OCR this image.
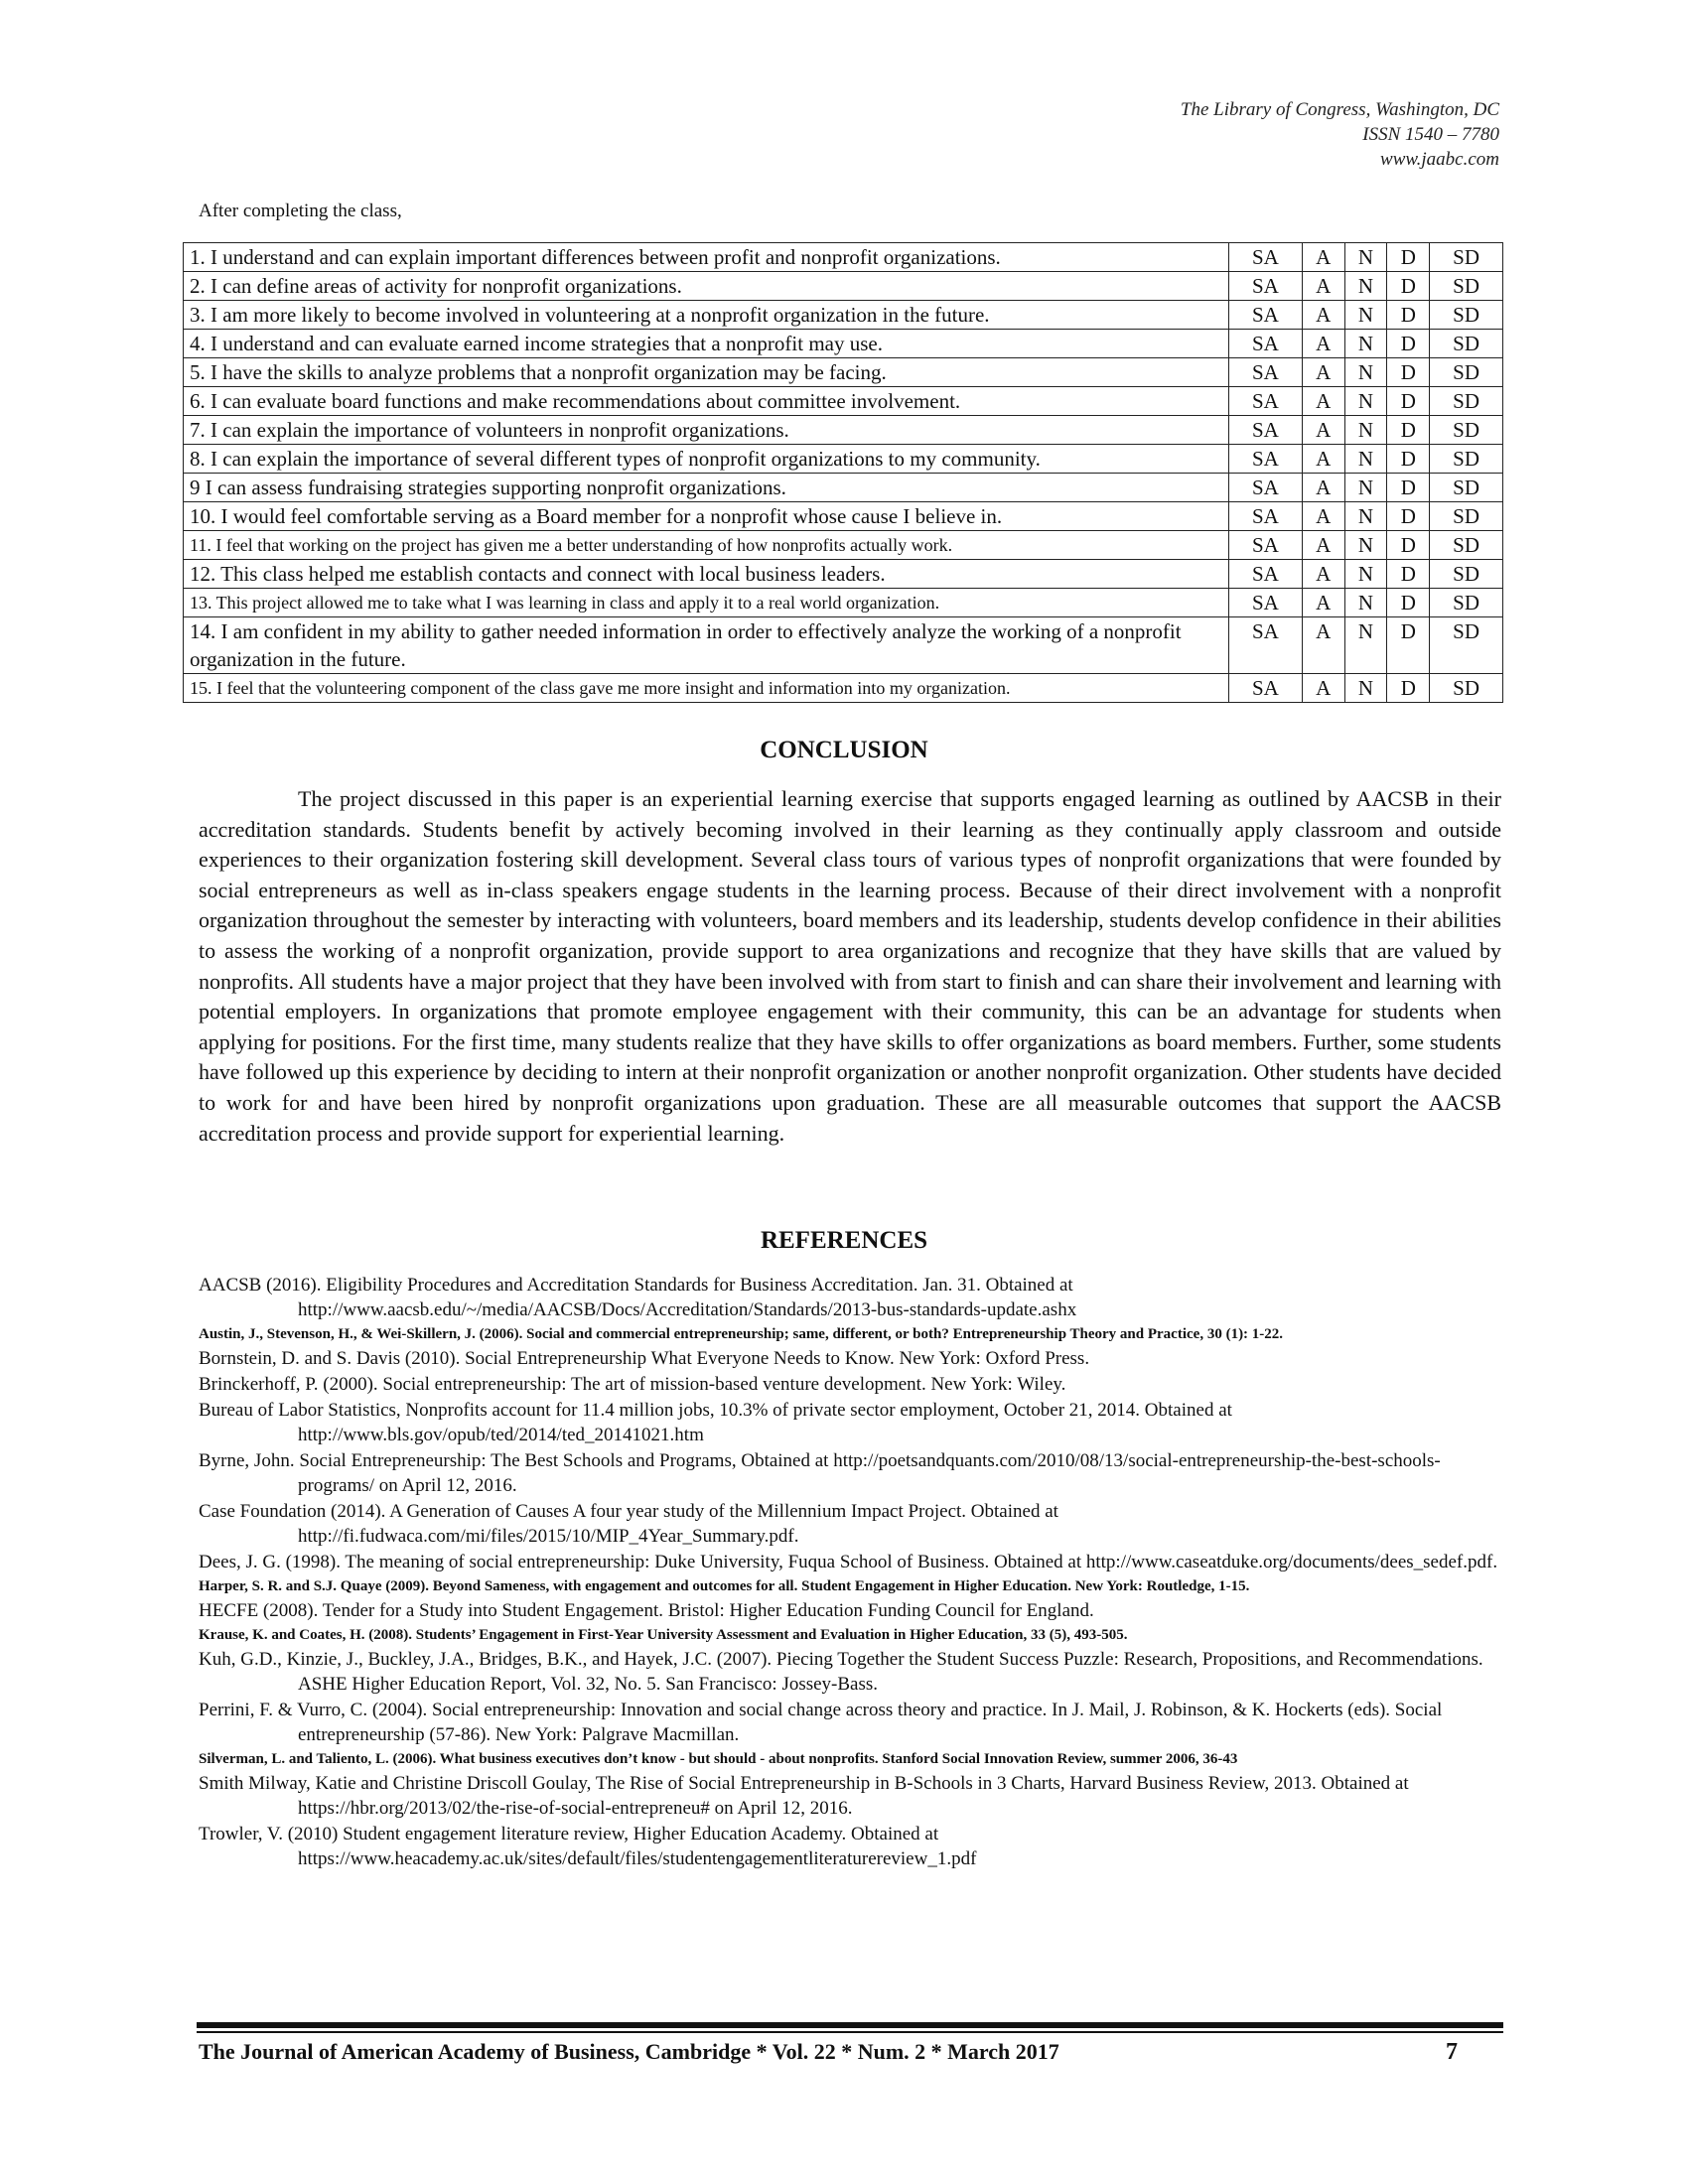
The Library of Congress, Washington, DC
ISSN 1540 – 7780
www.jaabc.com
After completing the class,
1. I understand and can explain important differences between profit and nonprofit organizations.	SA	A	N	D	SD
2. I can define areas of activity for nonprofit organizations.	SA	A	N	D	SD
3. I am more likely to become involved in volunteering at a nonprofit organization in the future.	SA	A	N	D	SD
4. I understand and can evaluate earned income strategies that a nonprofit may use.	SA	A	N	D	SD
5. I have the skills to analyze problems that a nonprofit organization may be facing.	SA	A	N	D	SD
6. I can evaluate board functions and make recommendations about committee involvement.	SA	A	N	D	SD
7. I can explain the importance of volunteers in nonprofit organizations.	SA	A	N	D	SD
8. I can explain the importance of several different types of nonprofit organizations to my community.	SA	A	N	D	SD
9 I can assess fundraising strategies supporting nonprofit organizations.	SA	A	N	D	SD
10. I would feel comfortable serving as a Board member for a nonprofit whose cause I believe in.	SA	A	N	D	SD
11. I feel that working on the project has given me a better understanding of how nonprofits actually work.	SA	A	N	D	SD
12. This class helped me establish contacts and connect with local business leaders.	SA	A	N	D	SD
13. This project allowed me to take what I was learning in class and apply it to a real world organization.	SA	A	N	D	SD
14. I am confident in my ability to gather needed information in order to effectively analyze the working of a nonprofit organization in the future.	SA	A	N	D	SD
15. I feel that the volunteering component of the class gave me more insight and information into my organization.	SA	A	N	D	SD
CONCLUSION

The project discussed in this paper is an experiential learning exercise that supports engaged learning as outlined by AACSB in their accreditation standards. Students benefit by actively becoming involved in their learning as they continually apply classroom and outside experiences to their organization fostering skill development. Several class tours of various types of nonprofit organizations that were founded by social entrepreneurs as well as in-class speakers engage students in the learning process. Because of their direct involvement with a nonprofit organization throughout the semester by interacting with volunteers, board members and its leadership, students develop confidence in their abilities to assess the working of a nonprofit organization, provide support to area organizations and recognize that they have skills that are valued by nonprofits. All students have a major project that they have been involved with from start to finish and can share their involvement and learning with potential employers. In organizations that promote employee engagement with their community, this can be an advantage for students when applying for positions. For the first time, many students realize that they have skills to offer organizations as board members. Further, some students have followed up this experience by deciding to intern at their nonprofit organization or another nonprofit organization. Other students have decided to work for and have been hired by nonprofit organizations upon graduation. These are all measurable outcomes that support the AACSB accreditation process and provide support for experiential learning.

REFERENCES

AACSB (2016). Eligibility Procedures and Accreditation Standards for Business Accreditation. Jan. 31. Obtained at http://www.aacsb.edu/~/media/AACSB/Docs/Accreditation/Standards/2013-bus-standards-update.ashx

Austin, J., Stevenson, H., & Wei-Skillern, J. (2006). Social and commercial entrepreneurship; same, different, or both? Entrepreneurship Theory and Practice, 30 (1): 1-22.

Bornstein, D. and S. Davis (2010). Social Entrepreneurship What Everyone Needs to Know. New York: Oxford Press.

Brinckerhoff, P. (2000). Social entrepreneurship: The art of mission-based venture development. New York: Wiley.

Bureau of Labor Statistics, Nonprofits account for 11.4 million jobs, 10.3% of private sector employment, October 21, 2014. Obtained at http://www.bls.gov/opub/ted/2014/ted_20141021.htm

Byrne, John. Social Entrepreneurship: The Best Schools and Programs, Obtained at http://poetsandquants.com/2010/08/13/social-entrepreneurship-the-best-schools-programs/ on April 12, 2016.

Case Foundation (2014). A Generation of Causes A four year study of the Millennium Impact Project. Obtained at http://fi.fudwaca.com/mi/files/2015/10/MIP_4Year_Summary.pdf.

Dees, J. G. (1998). The meaning of social entrepreneurship: Duke University, Fuqua School of Business. Obtained at http://www.caseatduke.org/documents/dees_sedef.pdf.

Harper, S. R. and S.J. Quaye (2009). Beyond Sameness, with engagement and outcomes for all. Student Engagement in Higher Education. New York: Routledge, 1-15.

HECFE (2008). Tender for a Study into Student Engagement. Bristol: Higher Education Funding Council for England.

Krause, K. and Coates, H. (2008). Students’ Engagement in First-Year University Assessment and Evaluation in Higher Education, 33 (5), 493-505.

Kuh, G.D., Kinzie, J., Buckley, J.A., Bridges, B.K., and Hayek, J.C. (2007). Piecing Together the Student Success Puzzle: Research, Propositions, and Recommendations. ASHE Higher Education Report, Vol. 32, No. 5. San Francisco: Jossey-Bass.

Perrini, F. & Vurro, C. (2004). Social entrepreneurship: Innovation and social change across theory and practice. In J. Mail, J. Robinson, & K. Hockerts (eds). Social entrepreneurship (57-86). New York: Palgrave Macmillan.

Silverman, L. and Taliento, L. (2006). What business executives don’t know - but should - about nonprofits. Stanford Social Innovation Review, summer 2006, 36-43

Smith Milway, Katie and Christine Driscoll Goulay, The Rise of Social Entrepreneurship in B-Schools in 3 Charts, Harvard Business Review, 2013. Obtained at https://hbr.org/2013/02/the-rise-of-social-entrepreneu# on April 12, 2016.

Trowler, V. (2010) Student engagement literature review, Higher Education Academy. Obtained at https://www.heacademy.ac.uk/sites/default/files/studentengagementliteraturereview_1.pdf

The Journal of American Academy of Business, Cambridge * Vol. 22 * Num. 2 * March 2017	7
